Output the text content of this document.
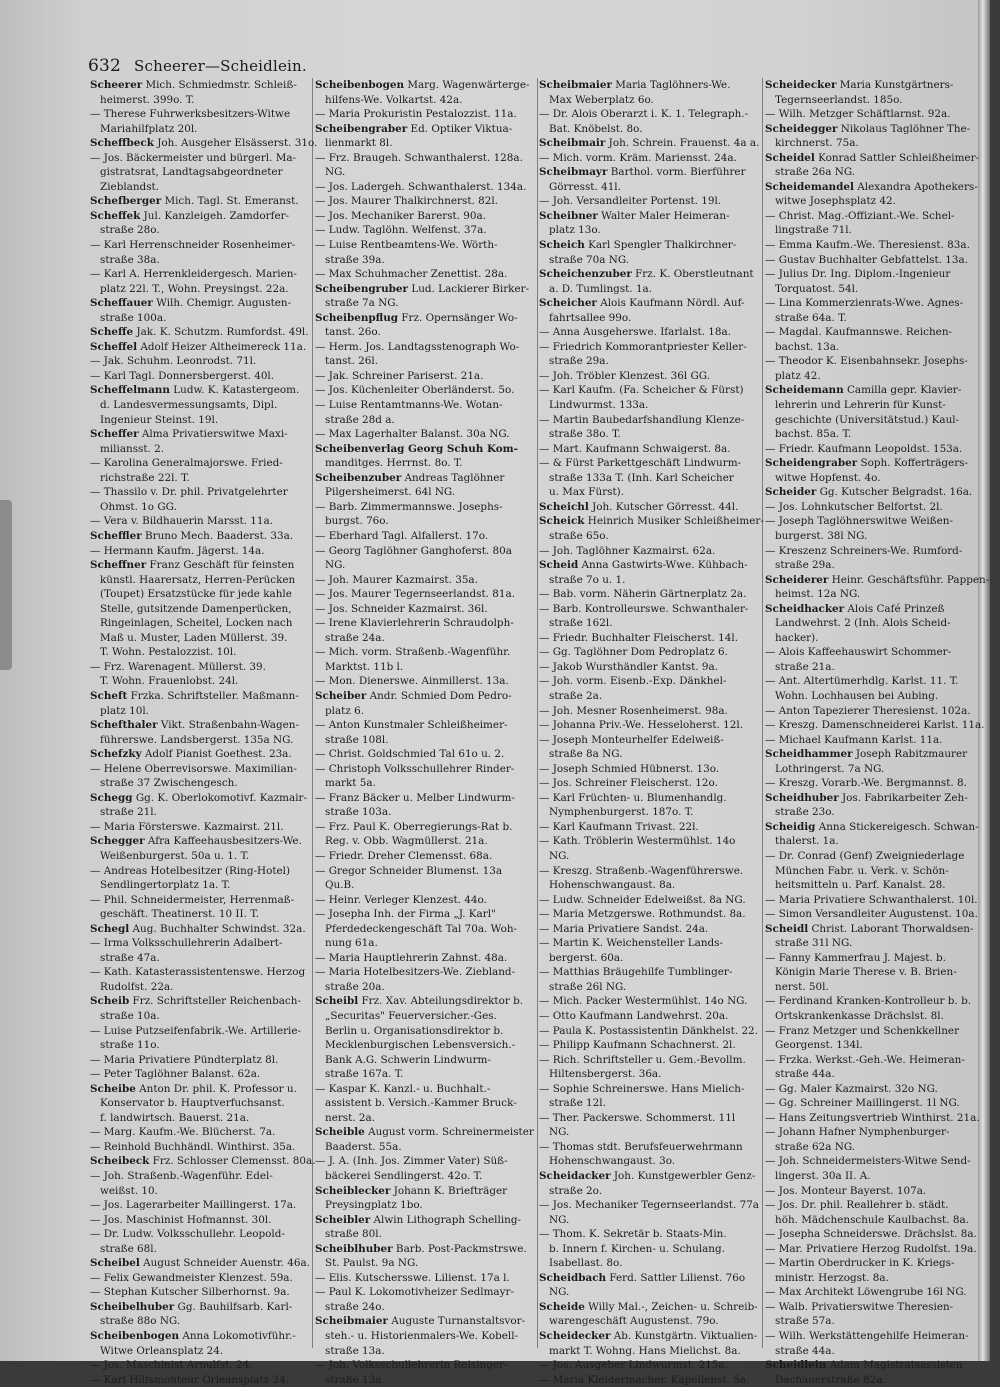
632 Scheerer—Scheidlein.
Scheerer Mich. Schmiedmstr. Schleiß-
heimerst. 399o. T.
— Therese Fuhrwerksbesitzers-Witwe
Mariahilfplatz 20l.
Scheffbeck Joh. Ausgeher Elsässerst. 31o.
— Jos. Bäckermeister und bürgerl. Ma-
gistratsrat, Landtagsabgeordneter
Zieblandst.
Schefberger Mich. Tagl. St. Emeranst.
Scheffek Jul. Kanzleigeh. Zamdorfer-
straße 28o.
— Karl Herrenschneider Rosenheimer-
straße 38a.
— Karl A. Herrenkleidergesch. Marien-
platz 22l. T., Wohn. Preysingst. 22a.
Scheffauer Wilh. Chemigr. Augusten-
straße 100a.
Scheffe Jak. K. Schutzm. Rumfordst. 49l.
Scheffel Adolf Heizer Altheimereck 11a.
— Jak. Schuhm. Leonrodst. 71l.
— Karl Tagl. Donnersbergerst. 40l.
Scheffelmann Ludw. K. Katastergeom.
d. Landesvermessungsamts, Dipl.
Ingenieur Steinst. 19l.
Scheffer Alma Privatierswitwe Maxi-
miliansst. 2.
— Karolina Generalmajorswe. Fried-
richstraße 22l. T.
— Thassilo v. Dr. phil. Privatgelehrter
Ohmst. 1o GG.
— Vera v. Bildhauerin Marsst. 11a.
Scheffler Bruno Mech. Baaderst. 33a.
— Hermann Kaufm. Jägerst. 14a.
Scheffner Franz Geschäft für feinsten
künstl. Haarersatz, Herren-Perücken
(Toupet) Ersatzstücke für jede kahle
Stelle, gutsitzende Damenperücken,
Ringeinlagen, Scheitel, Locken nach
Maß u. Muster, Laden Müllerst. 39.
T. Wohn. Pestalozzist. 10l.
— Frz. Warenagent. Müllerst. 39.
T. Wohn. Frauenlobst. 24l.
Scheft Frzka. Schriftsteller. Maßmann-
platz 10l.
Schefthaler Vikt. Straßenbahn-Wagen-
führerswe. Landsbergerst. 135a NG.
Schefzky Adolf Pianist Goethest. 23a.
— Helene Oberrevisorswe. Maximilian-
straße 37 Zwischengesch.
Schegg Gg. K. Oberlokomotivf. Kazmair-
straße 21l.
— Maria Försterswe. Kazmairst. 21l.
Schegger Afra Kaffeehausbesitzers-We.
Weißenburgerst. 50a u. 1. T.
— Andreas Hotelbesitzer (Ring-Hotel)
Sendlingertorplatz 1a. T.
— Phil. Schneidermeister, Herrenmaß-
geschäft. Theatinerst. 10 II. T.
Schegl Aug. Buchhalter Schwindst. 32a.
— Irma Volksschullehrerin Adalbert-
straße 47a.
— Kath. Katasterassistentenswe. Herzog
Rudolfst. 22a.
Scheib Frz. Schriftsteller Reichenbach-
straße 10a.
— Luise Putzseifenfabrik.-We. Artillerie-
straße 11o.
— Maria Privatiere Pündterplatz 8l.
— Peter Taglöhner Balanst. 62a.
Scheibe Anton Dr. phil. K. Professor u.
Konservator b. Hauptverfuchsanst.
f. landwirtsch. Bauerst. 21a.
— Marg. Kaufm.-We. Blücherst. 7a.
— Reinhold Buchhändl. Winthirst. 35a.
Scheibeck Frz. Schlosser Clemensst. 80a.
— Joh. Straßenb.-Wagenführ. Edel-
weißst. 10.
— Jos. Lagerarbeiter Maillingerst. 17a.
— Jos. Maschinist Hofmannst. 30l.
— Dr. Ludw. Volksschullehr. Leopold-
straße 68l.
Scheibel August Schneider Auenstr. 46a.
— Felix Gewandmeister Klenzest. 59a.
— Stephan Kutscher Silberhornst. 9a.
Scheibelhuber Gg. Bauhilfsarb. Karl-
straße 88o NG.
Scheibenbogen Anna Lokomotivführ.-
Witwe Orleansplatz 24.
— Jos. Maschinist Arnulfst. 24.
— Karl Hilfsmonteur Orleansplatz 24.
Scheibenbogen Marg. Wagenwärterge-
hilfens-We. Volkartst. 42a.
— Maria Prokuristin Pestalozzist. 11a.
Scheibengraber Ed. Optiker Viktua-
lienmarkt 8l.
— Frz. Braugeh. Schwanthalerst. 128a.
NG.
— Jos. Ladergeh. Schwanthalerst. 134a.
— Jos. Maurer Thalkirchnerst. 82l.
— Jos. Mechaniker Barerst. 90a.
— Ludw. Taglöhn. Welfenst. 37a.
— Luise Rentbeamtens-We. Wörth-
straße 39a.
— Max Schuhmacher Zenettist. 28a.
Scheibengruber Lud. Lackierer Birker-
straße 7a NG.
Scheibenpflug Frz. Opernsänger Wo-
tanst. 26o.
— Herm. Jos. Landtagsstenograph Wo-
tanst. 26l.
— Jak. Schreiner Pariserst. 21a.
— Jos. Küchenleiter Oberländerst. 5o.
— Luise Rentamtmanns-We. Wotan-
straße 28d a.
— Max Lagerhalter Balanst. 30a NG.
Scheibenverlag Georg Schuh Kom-
manditges. Herrnst. 8o. T.
Scheibenzuber Andreas Taglöhner
Pilgersheimerst. 64l NG.
— Barb. Zimmermannswe. Josephs-
burgst. 76o.
— Eberhard Tagl. Alfallerst. 17o.
— Georg Taglöhner Ganghoferst. 80a
NG.
— Joh. Maurer Kazmairst. 35a.
— Jos. Maurer Tegernseerlandst. 81a.
— Jos. Schneider Kazmairst. 36l.
— Irene Klavierlehrerin Schraudolph-
straße 24a.
— Mich. vorm. Straßenb.-Wagenführ.
Marktst. 11b l.
— Mon. Dienerswe. Ainmillerst. 13a.
Scheiber Andr. Schmied Dom Pedro-
platz 6.
— Anton Kunstmaler Schleißheimer-
straße 108l.
— Christ. Goldschmied Tal 61o u. 2.
— Christoph Volksschullehrer Rinder-
markt 5a.
— Franz Bäcker u. Melber Lindwurm-
straße 103a.
— Frz. Paul K. Oberregierungs-Rat b.
Reg. v. Obb. Wagmüllerst. 21a.
— Friedr. Dreher Clemensst. 68a.
— Gregor Schneider Blumenst. 13a
Qu.B.
— Heinr. Verleger Klenzest. 44o.
— Josepha Inh. der Firma „J. Karl"
Pferdedeckengeschäft Tal 70a. Woh-
nung 61a.
— Maria Hauptlehrerin Zahnst. 48a.
— Maria Hotelbesitzers-We. Ziebland-
straße 20a.
Scheibl Frz. Xav. Abteilungsdirektor b.
„Securitas" Feuerversicher.-Ges.
Berlin u. Organisationsdirektor b.
Mecklenburgischen Lebensversich.-
Bank A.G. Schwerin Lindwurm-
straße 167a. T.
— Kaspar K. Kanzl.- u. Buchhalt.-
assistent b. Versich.-Kammer Bruck-
nerst. 2a.
Scheible August vorm. Schreinermeister
Baaderst. 55a.
— J. A. (Inh. Jos. Zimmer Vater) Süß-
bäckerei Sendlingerst. 42o. T.
Scheiblecker Johann K. Briefträger
Preysingplatz 1bo.
Scheibler Alwin Lithograph Schelling-
straße 80l.
Scheiblhuber Barb. Post-Packmstrswe.
St. Paulst. 9a NG.
— Elis. Kutschersswe. Lilienst. 17a l.
— Paul K. Lokomotivheizer Sedlmayr-
straße 24o.
Scheibmaier Auguste Turnanstaltsvor-
steh.- u. Historienmalers-We. Kobell-
straße 13a.
— Joh. Volksschullehrerin Reisinger-
straße 13a.
Scheibmaier Maria Taglöhners-We.
Max Weberplatz 6o.
— Dr. Alois Oberarzt i. K. 1. Telegraph.-
Bat. Knöbelst. 8o.
Scheibmair Joh. Schrein. Frauenst. 4a a.
— Mich. vorm. Kräm. Mariensst. 24a.
Scheibmayr Barthol. vorm. Bierführer
Görresst. 41l.
— Joh. Versandleiter Portenst. 19l.
Scheibner Walter Maler Heimeran-
platz 13o.
Scheich Karl Spengler Thalkirchner-
straße 70a NG.
Scheichenzuber Frz. K. Oberstleutnant
a. D. Tumlingst. 1a.
Scheicher Alois Kaufmann Nördl. Auf-
fahrtsallee 99o.
— Anna Ausgeherswe. Ifarlalst. 18a.
— Friedrich Kommorantpriester Keller-
straße 29a.
— Joh. Tröbler Klenzest. 36l GG.
— Karl Kaufm. (Fa. Scheicher & Fürst)
Lindwurmst. 133a.
— Martin Baubedarfshandlung Klenze-
straße 38o. T.
— Mart. Kaufmann Schwaigerst. 8a.
— & Fürst Parkettgeschäft Lindwurm-
straße 133a T. (Inh. Karl Scheicher
u. Max Fürst).
Scheichl Joh. Kutscher Görresst. 44l.
Scheick Heinrich Musiker Schleißheimer-
straße 65o.
— Joh. Taglöhner Kazmairst. 62a.
Scheid Anna Gastwirts-Wwe. Kühbach-
straße 7o u. 1.
— Bab. vorm. Näherin Gärtnerplatz 2a.
— Barb. Kontrolleurswe. Schwanthaler-
straße 162l.
— Friedr. Buchhalter Fleischerst. 14l.
— Gg. Taglöhner Dom Pedroplatz 6.
— Jakob Wursthändler Kantst. 9a.
— Joh. vorm. Eisenb.-Exp. Dänkhel-
straße 2a.
— Joh. Mesner Rosenheimerst. 98a.
— Johanna Priv.-We. Hesseloherst. 12l.
— Joseph Monteurhelfer Edelweiß-
straße 8a NG.
— Joseph Schmied Hübnerst. 13o.
— Jos. Schreiner Fleischerst. 12o.
— Karl Früchten- u. Blumenhandlg.
Nymphenburgerst. 187o. T.
— Karl Kaufmann Trivast. 22l.
— Kath. Tröblerin Westermühlst. 14o
NG.
— Kreszg. Straßenb.-Wagenführerswe.
Hohenschwangaust. 8a.
— Ludw. Schneider Edelweißst. 8a NG.
— Maria Metzgerswe. Rothmundst. 8a.
— Maria Privatiere Sandst. 24a.
— Martin K. Weichensteller Lands-
bergerst. 60a.
— Matthias Bräugehilfe Tumblinger-
straße 26l NG.
— Mich. Packer Westermühlst. 14o NG.
— Otto Kaufmann Landwehrst. 20a.
— Paula K. Postassistentin Dänkhelst. 22.
— Philipp Kaufmann Schachnerst. 2l.
— Rich. Schriftsteller u. Gem.-Bevollm.
Hiltensbergerst. 36a.
— Sophie Schreinerswe. Hans Mielich-
straße 12l.
— Ther. Packerswe. Schommerst. 11l
NG.
— Thomas stdt. Berufsfeuerwehrmann
Hohenschwangaust. 3o.
Scheidacker Joh. Kunstgewerbler Genz-
straße 2o.
— Jos. Mechaniker Tegernseerlandst. 77a
NG.
— Thom. K. Sekretär b. Staats-Min.
b. Innern f. Kirchen- u. Schulang.
Isabellast. 8o.
Scheidbach Ferd. Sattler Lilienst. 76o
NG.
Scheide Willy Mal.-, Zeichen- u. Schreib-
warengeschäft Augustenst. 79o.
Scheidecker Ab. Kunstgärtn. Viktualien-
markt T. Wohng. Hans Mielichst. 8a.
— Jos. Ausgeher Lindwurmst. 215a.
— Maria Kleidermacher. Kapellenst. 5a.
Scheidecker Maria Kunstgärtners-
Tegernseerlandst. 185o.
— Wilh. Metzger Schäftlarnst. 92a.
Scheidegger Nikolaus Taglöhner The-
kirchnerst. 75a.
Scheidel Konrad Sattler Schleißheimer-
straße 26a NG.
Scheidemandel Alexandra Apothekers-
witwe Josephsplatz 42.
— Christ. Mag.-Offiziant.-We. Schel-
lingstraße 71l.
— Emma Kaufm.-We. Theresienst. 83a.
— Gustav Buchhalter Gebfattelst. 13a.
— Julius Dr. Ing. Diplom.-Ingenieur
Torquatost. 54l.
— Lina Kommerzienrats-Wwe. Agnes-
straße 64a. T.
— Magdal. Kaufmannswe. Reichen-
bachst. 13a.
— Theodor K. Eisenbahnsekr. Josephs-
platz 42.
Scheidemann Camilla gepr. Klavier-
lehrerin und Lehrerin für Kunst-
geschichte (Universitätstud.) Kaul-
bachst. 85a. T.
— Friedr. Kaufmann Leopoldst. 153a.
Scheidengraber Soph. Kofferträgers-
witwe Hopfenst. 4o.
Scheider Gg. Kutscher Belgradst. 16a.
— Jos. Lohnkutscher Belfortst. 2l.
— Joseph Taglöhnerswitwe Weißen-
burgerst. 38l NG.
— Kreszenz Schreiners-We. Rumford-
straße 29a.
Scheiderer Heinr. Geschäftsführ. Pappen-
heimst. 12a NG.
Scheidhacker Alois Café Prinzeß
Landwehrst. 2 (Inh. Alois Scheid-
hacker).
— Alois Kaffeehauswirt Schommer-
straße 21a.
— Ant. Altertümerhdlg. Karlst. 11. T.
Wohn. Lochhausen bei Aubing.
— Anton Tapezierer Theresienst. 102a.
— Kreszg. Damenschneiderei Karlst. 11a.
— Michael Kaufmann Karlst. 11a.
Scheidhammer Joseph Rabitzmaurer
Lothringerst. 7a NG.
— Kreszg. Vorarb.-We. Bergmannst. 8.
Scheidhuber Jos. Fabrikarbeiter Zeh-
straße 23o.
Scheidig Anna Stickereigesch. Schwan-
thalerst. 1a.
— Dr. Conrad (Genf) Zweigniederlage
München Fabr. u. Verk. v. Schön-
heitsmitteln u. Parf. Kanalst. 28.
— Maria Privatiere Schwanthalerst. 10l.
— Simon Versandleiter Augustenst. 10a.
Scheidl Christ. Laborant Thorwaldsen-
straße 31l NG.
— Fanny Kammerfrau J. Majest. b.
Königin Marie Therese v. B. Brien-
nerst. 50l.
— Ferdinand Kranken-Kontrolleur b. b.
Ortskrankenkasse Drächslst. 8l.
— Franz Metzger und Schenkkellner
Georgenst. 134l.
— Frzka. Werkst.-Geh.-We. Heimeran-
straße 44a.
— Gg. Maler Kazmairst. 32o NG.
— Gg. Schreiner Maillingerst. 1l NG.
— Hans Zeitungsvertrieb Winthirst. 21a.
— Johann Hafner Nymphenburger-
straße 62a NG.
— Joh. Schneidermeisters-Witwe Send-
lingerst. 30a II. A.
— Jos. Monteur Bayerst. 107a.
— Jos. Dr. phil. Reallehrer b. städt.
höh. Mädchenschule Kaulbachst. 8a.
— Josepha Schneiderswe. Drächslst. 8a.
— Mar. Privatiere Herzog Rudolfst. 19a.
— Martin Oberdrucker in K. Kriegs-
ministr. Herzogst. 8a.
— Max Architekt Löwengrube 16l NG.
— Walb. Privatierswitwe Theresien-
straße 57a.
— Wilh. Werkstättengehilfe Heimeran-
straße 44a.
Scheidlein Adam Magistratsassisten
Dachauerstraße 82a.
